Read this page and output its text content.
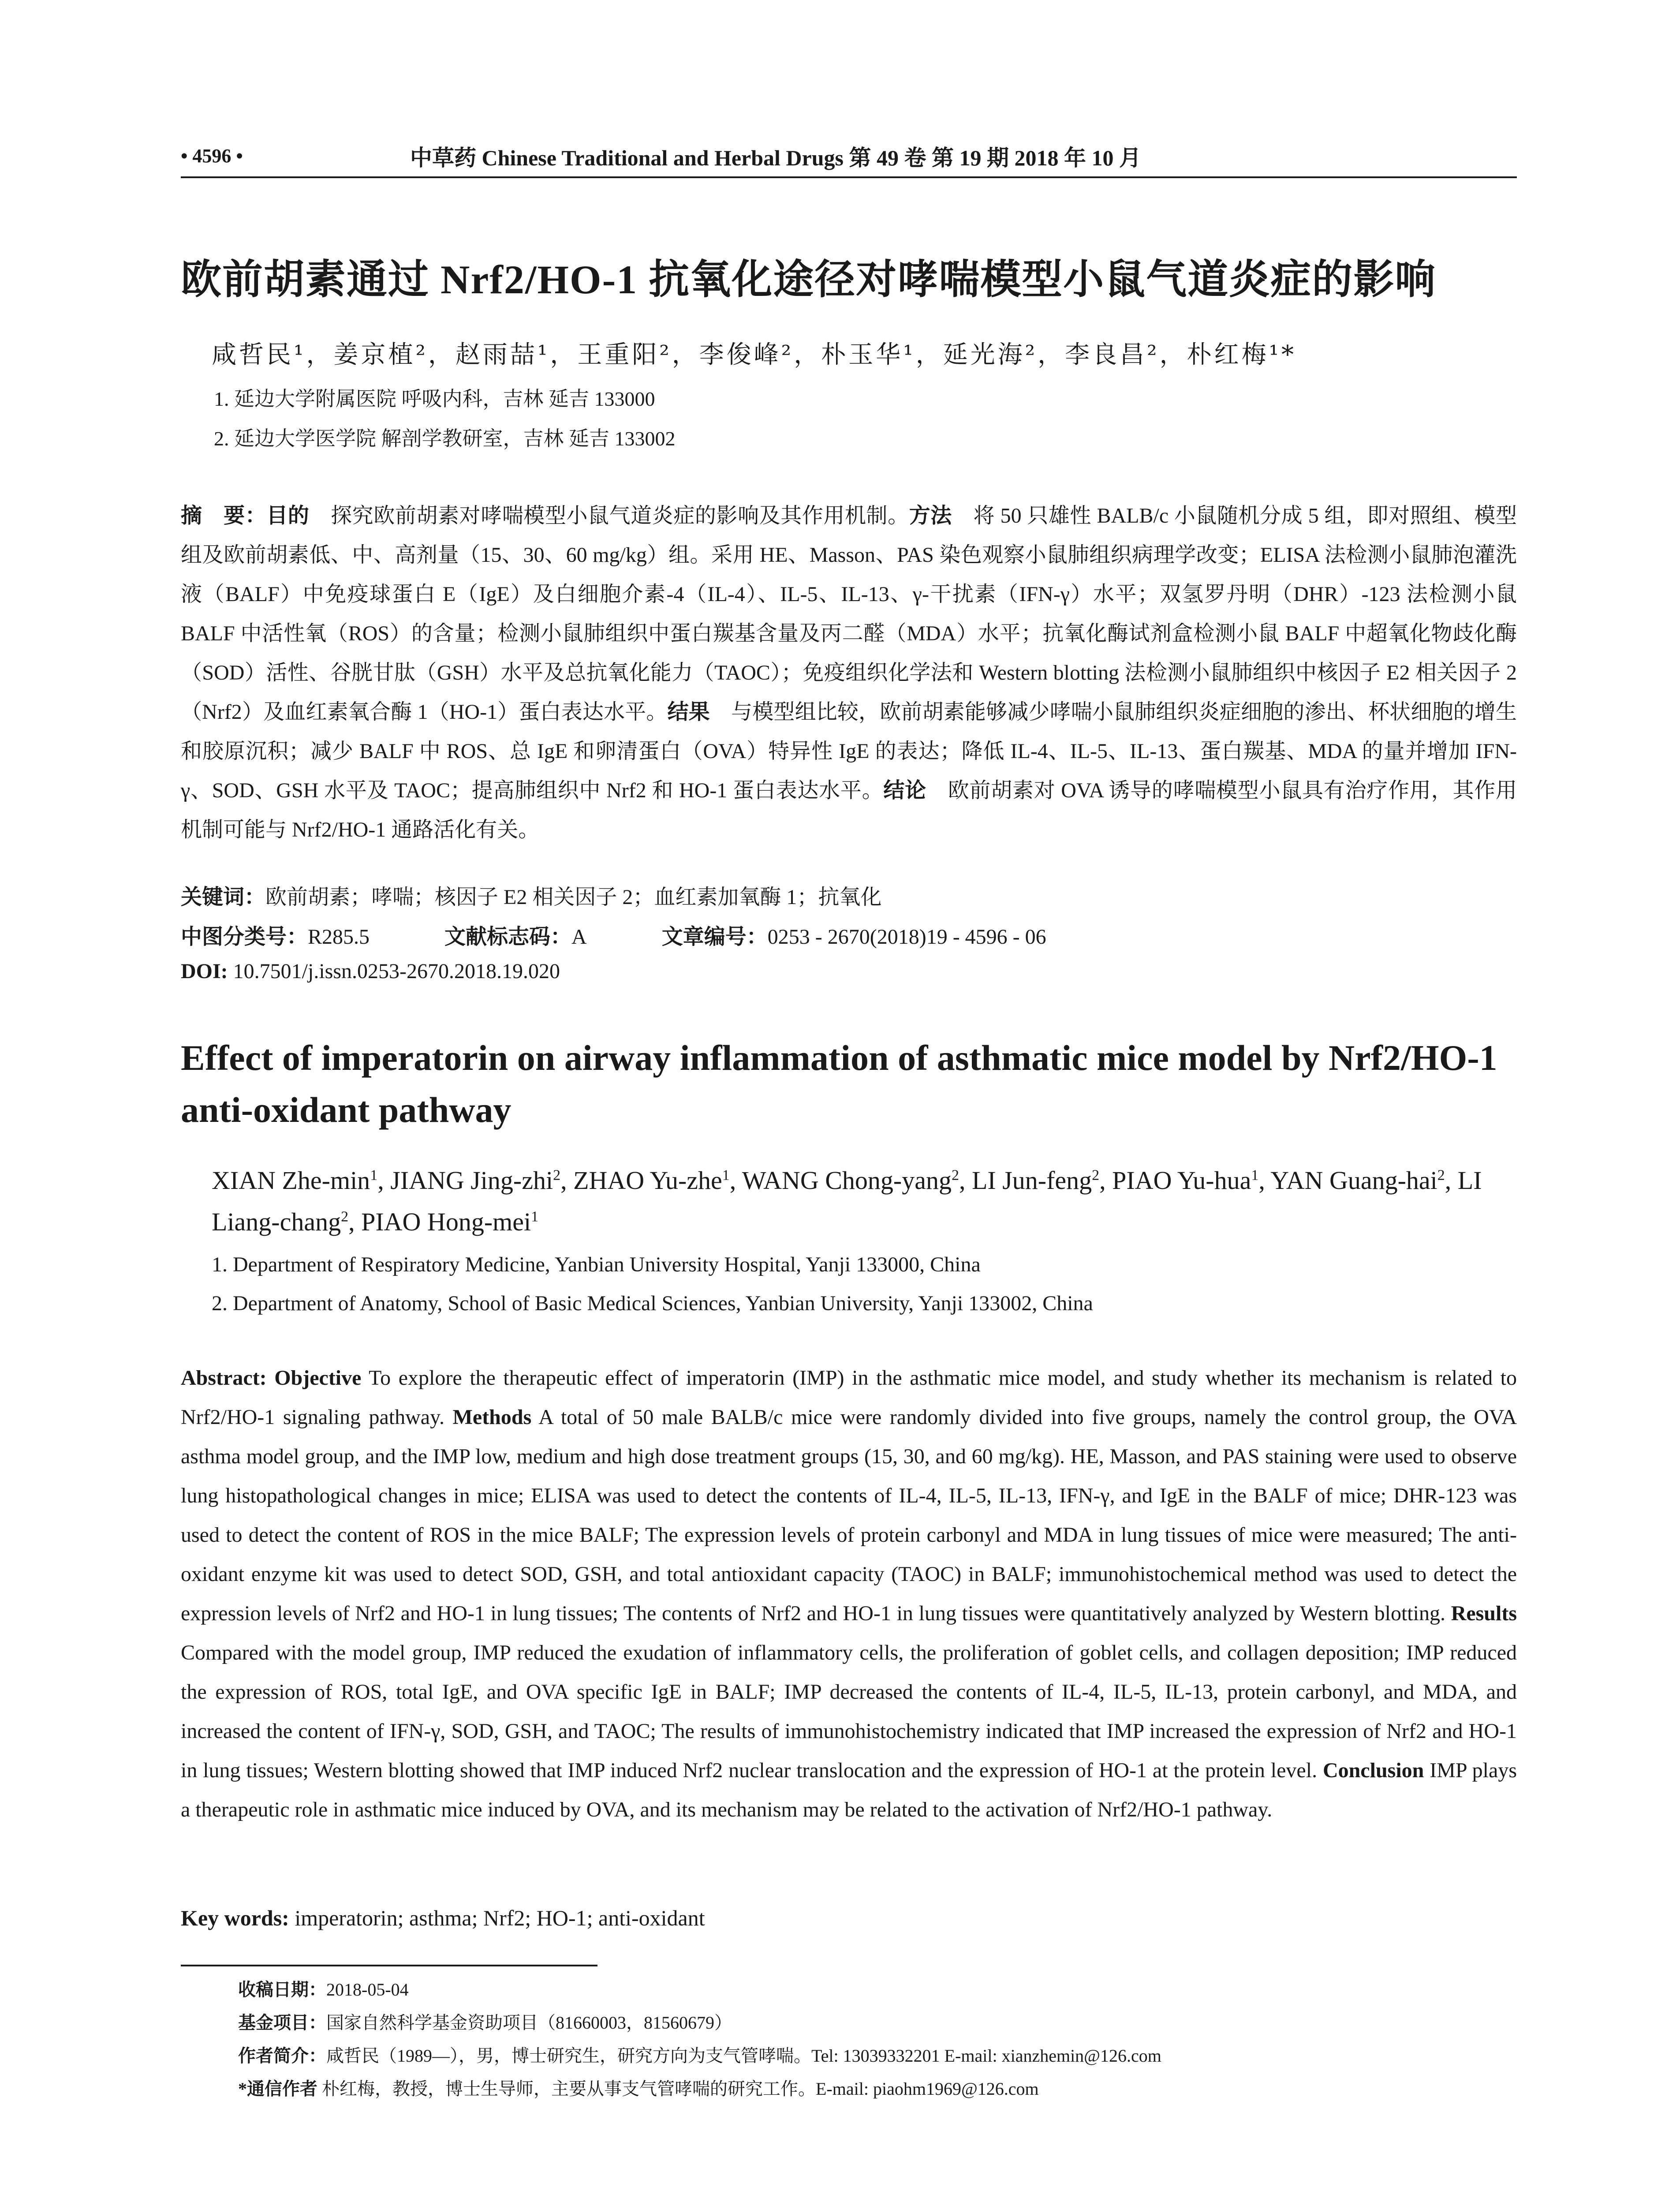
• 4596 •	中草药 Chinese Traditional and Herbal Drugs 第 49 卷 第 19 期 2018 年 10 月
欧前胡素通过 Nrf2/HO-1 抗氧化途径对哮喘模型小鼠气道炎症的影响
咸哲民¹，姜京植²，赵雨喆¹，王重阳²，李俊峰²，朴玉华¹，延光海²，李良昌²，朴红梅¹*
1. 延边大学附属医院 呼吸内科，吉林 延吉 133000
2. 延边大学医学院 解剖学教研室，吉林 延吉 133002
摘　要：目的　探究欧前胡素对哮喘模型小鼠气道炎症的影响及其作用机制。方法　将 50 只雄性 BALB/c 小鼠随机分成 5 组，即对照组、模型组及欧前胡素低、中、高剂量（15、30、60 mg/kg）组。采用 HE、Masson、PAS 染色观察小鼠肺组织病理学改变；ELISA 法检测小鼠肺泡灌洗液（BALF）中免疫球蛋白 E（IgE）及白细胞介素-4（IL-4）、IL-5、IL-13、γ-干扰素（IFN-γ）水平；双氢罗丹明（DHR）-123 法检测小鼠 BALF 中活性氧（ROS）的含量；检测小鼠肺组织中蛋白羰基含量及丙二醛（MDA）水平；抗氧化酶试剂盒检测小鼠 BALF 中超氧化物歧化酶（SOD）活性、谷胱甘肽（GSH）水平及总抗氧化能力（TAOC）；免疫组织化学法和 Western blotting 法检测小鼠肺组织中核因子 E2 相关因子 2（Nrf2）及血红素氧合酶 1（HO-1）蛋白表达水平。结果　与模型组比较，欧前胡素能够减少哮喘小鼠肺组织炎症细胞的渗出、杯状细胞的增生和胶原沉积；减少 BALF 中 ROS、总 IgE 和卵清蛋白（OVA）特异性 IgE 的表达；降低 IL-4、IL-5、IL-13、蛋白羰基、MDA 的量并增加 IFN-γ、SOD、GSH 水平及 TAOC；提高肺组织中 Nrf2 和 HO-1 蛋白表达水平。结论　欧前胡素对 OVA 诱导的哮喘模型小鼠具有治疗作用，其作用机制可能与 Nrf2/HO-1 通路活化有关。
关键词：欧前胡素；哮喘；核因子 E2 相关因子 2；血红素加氧酶 1；抗氧化
中图分类号：R285.5	文献标志码：A	文章编号：0253 - 2670(2018)19 - 4596 - 06
DOI: 10.7501/j.issn.0253-2670.2018.19.020
Effect of imperatorin on airway inflammation of asthmatic mice model by Nrf2/HO-1 anti-oxidant pathway
XIAN Zhe-$\min^1$, JIANG Jing-zhi$^2$, ZHAO Yu-zhe$^1$, WANG Chong-yang$^2$, LI Jun-feng$^2$, PIAO Yu-hua$^1$, YAN Guang-hai$^2$, LI Liang-chang$^2$, PIAO Hong-mei$^1$
1. Department of Respiratory Medicine, Yanbian University Hospital, Yanji 133000, China
2. Department of Anatomy, School of Basic Medical Sciences, Yanbian University, Yanji 133002, China
Abstract: Objective To explore the therapeutic effect of imperatorin (IMP) in the asthmatic mice model, and study whether its mechanism is related to Nrf2/HO-1 signaling pathway. Methods A total of 50 male BALB/c mice were randomly divided into five groups, namely the control group, the OVA asthma model group, and the IMP low, medium and high dose treatment groups (15, 30, and 60 mg/kg). HE, Masson, and PAS staining were used to observe lung histopathological changes in mice; ELISA was used to detect the contents of IL-4, IL-5, IL-13, IFN-γ, and IgE in the BALF of mice; DHR-123 was used to detect the content of ROS in the mice BALF; The expression levels of protein carbonyl and MDA in lung tissues of mice were measured; The anti-oxidant enzyme kit was used to detect SOD, GSH, and total antioxidant capacity (TAOC) in BALF; immunohistochemical method was used to detect the expression levels of Nrf2 and HO-1 in lung tissues; The contents of Nrf2 and HO-1 in lung tissues were quantitatively analyzed by Western blotting. Results Compared with the model group, IMP reduced the exudation of inflammatory cells, the proliferation of goblet cells, and collagen deposition; IMP reduced the expression of ROS, total IgE, and OVA specific IgE in BALF; IMP decreased the contents of IL-4, IL-5, IL-13, protein carbonyl, and MDA, and increased the content of IFN-γ, SOD, GSH, and TAOC; The results of immunohistochemistry indicated that IMP increased the expression of Nrf2 and HO-1 in lung tissues; Western blotting showed that IMP induced Nrf2 nuclear translocation and the expression of HO-1 at the protein level. Conclusion IMP plays a therapeutic role in asthmatic mice induced by OVA, and its mechanism may be related to the activation of Nrf2/HO-1 pathway.
Key words: imperatorin; asthma; Nrf2; HO-1; anti-oxidant
收稿日期：2018-05-04
基金项目：国家自然科学基金资助项目（81660003，81560679）
作者简介：咸哲民（1989—），男，博士研究生，研究方向为支气管哮喘。Tel: 13039332201 E-mail: xianzhemin@126.com
*通信作者 朴红梅，教授，博士生导师，主要从事支气管哮喘的研究工作。E-mail: piaohm1969@126.com
